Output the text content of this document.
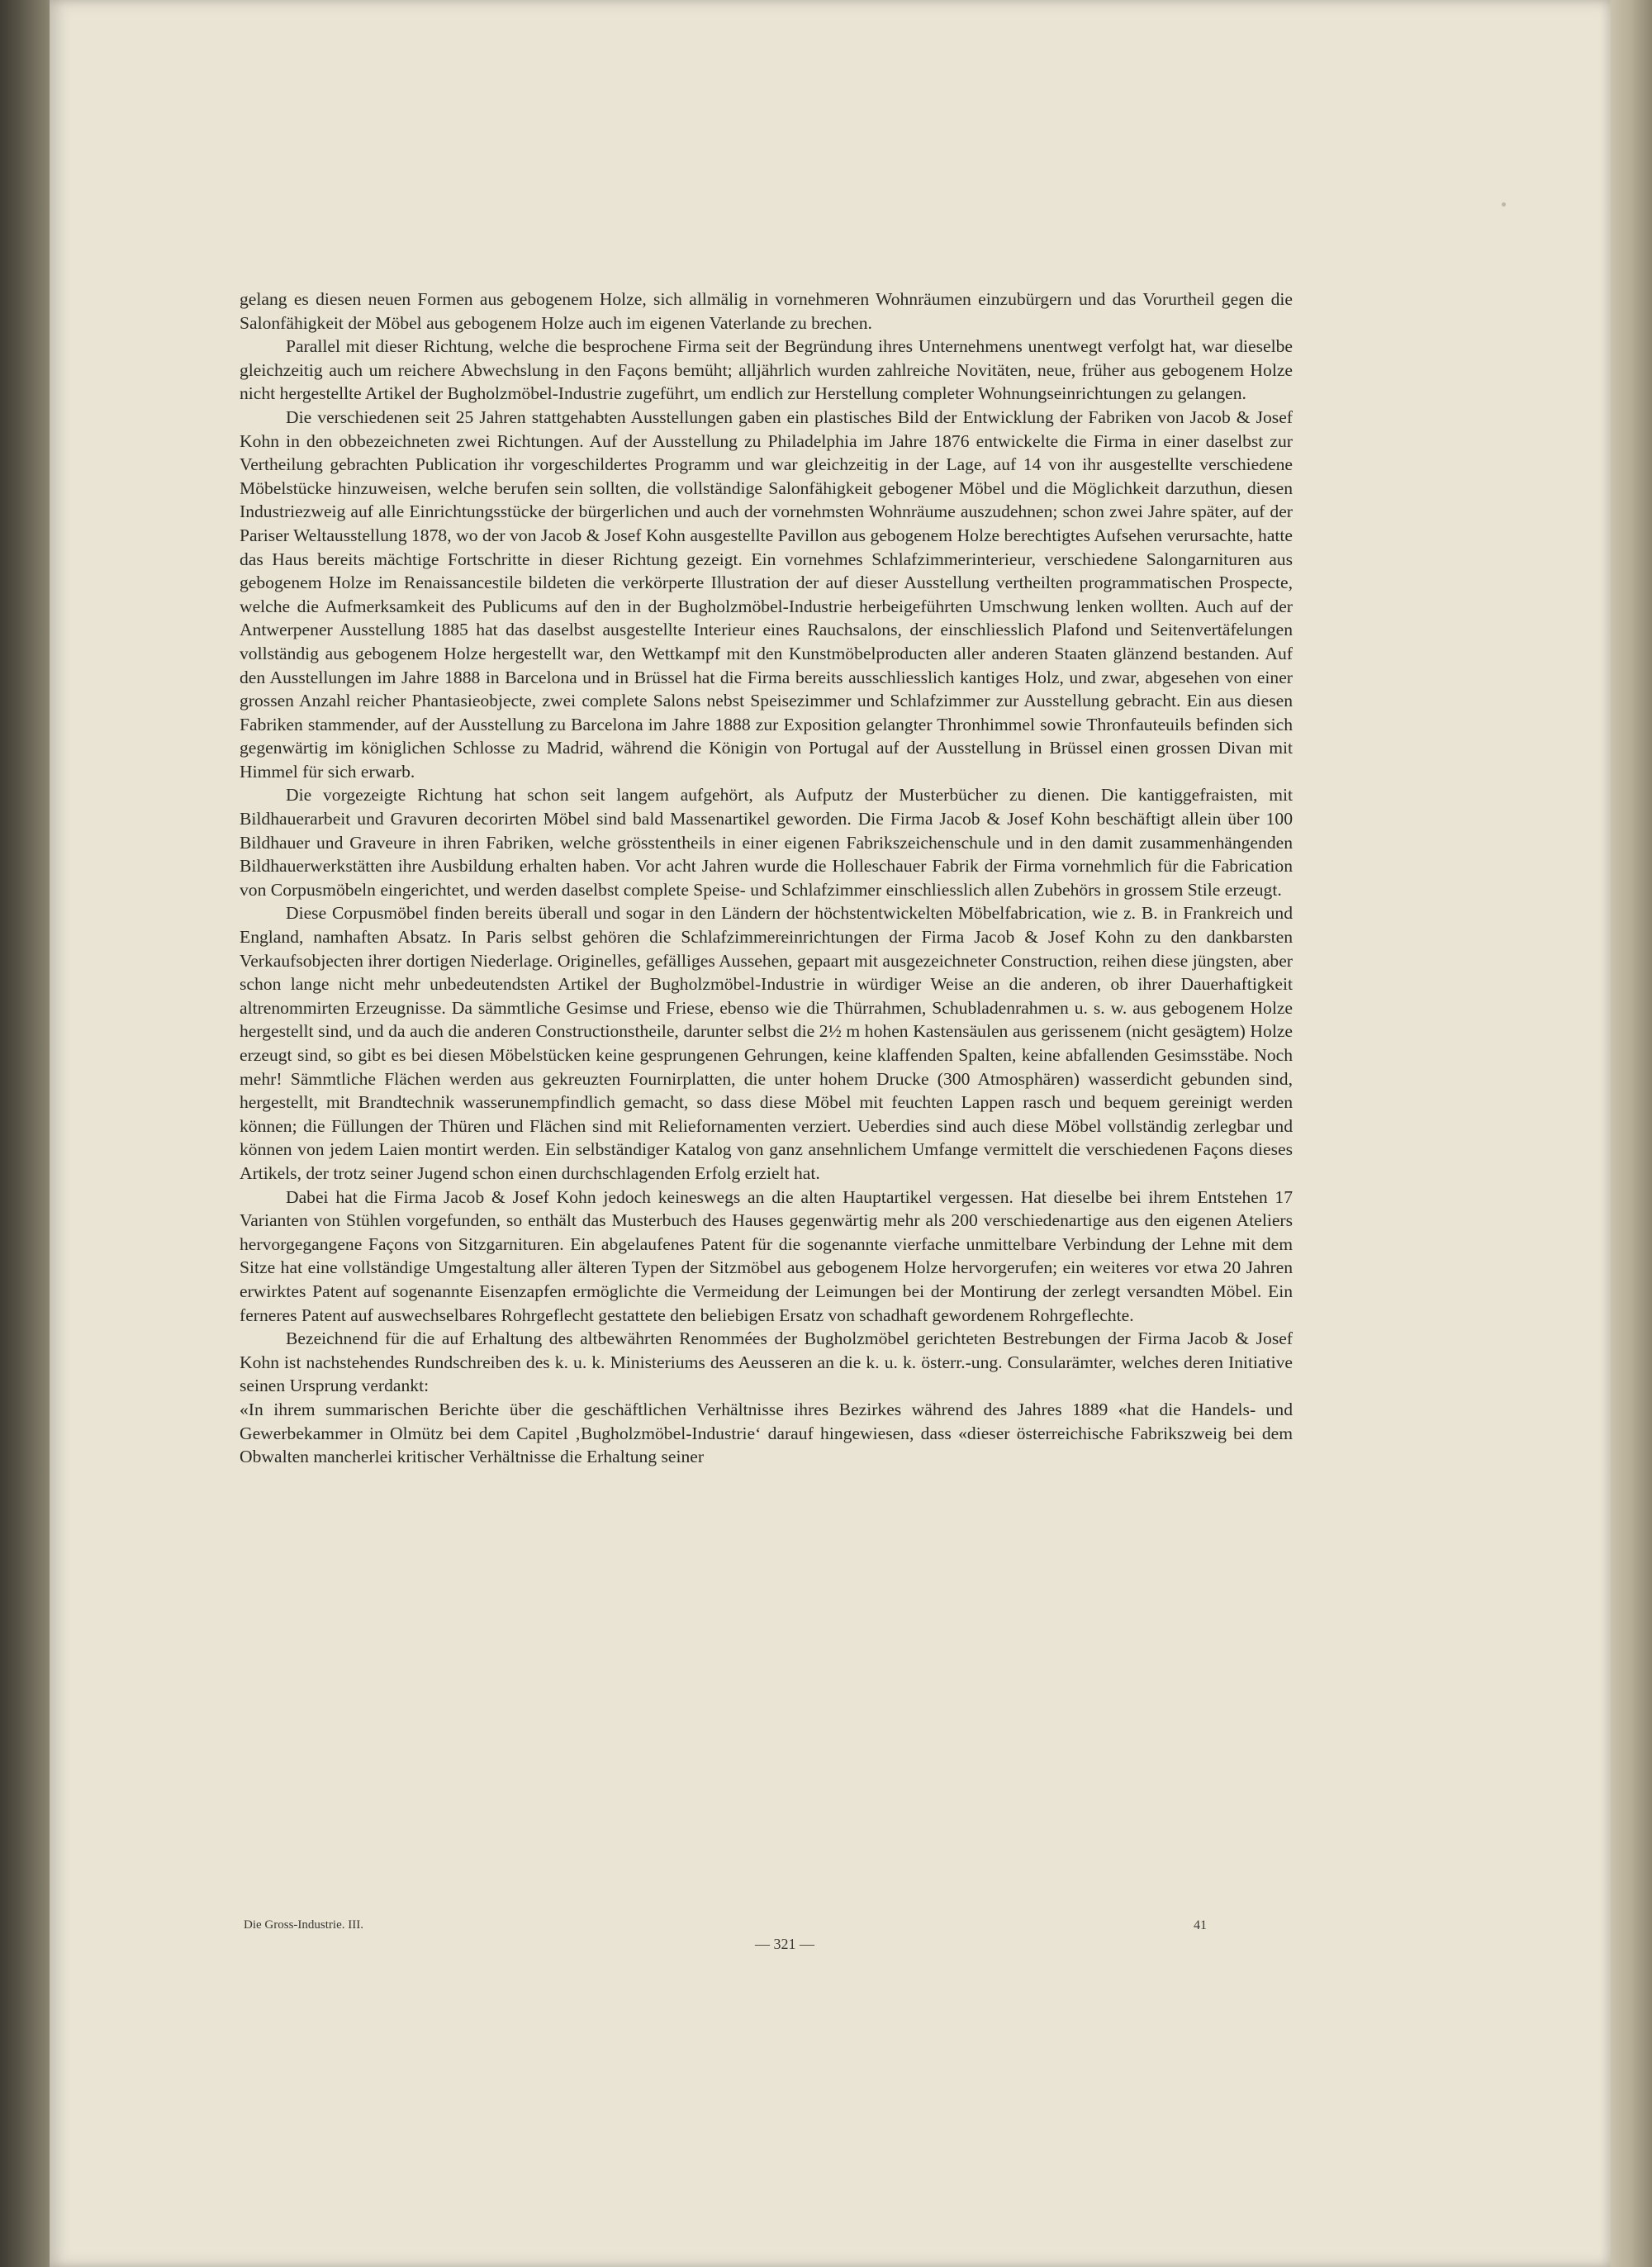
gelang es diesen neuen Formen aus gebogenem Holze, sich allmälig in vornehmeren Wohnräumen einzubürgern und das Vorurtheil gegen die Salonfähigkeit der Möbel aus gebogenem Holze auch im eigenen Vaterlande zu brechen.

Parallel mit dieser Richtung, welche die besprochene Firma seit der Begründung ihres Unternehmens unentwegt verfolgt hat, war dieselbe gleichzeitig auch um reichere Abwechslung in den Façons bemüht; alljährlich wurden zahlreiche Novitäten, neue, früher aus gebogenem Holze nicht hergestellte Artikel der Bugholzmöbel-Industrie zugeführt, um endlich zur Herstellung completer Wohnungseinrichtungen zu gelangen.

Die verschiedenen seit 25 Jahren stattgehabten Ausstellungen gaben ein plastisches Bild der Entwicklung der Fabriken von Jacob & Josef Kohn in den obbezeichneten zwei Richtungen. Auf der Ausstellung zu Philadelphia im Jahre 1876 entwickelte die Firma in einer daselbst zur Vertheilung gebrachten Publication ihr vorgeschildertes Programm und war gleichzeitig in der Lage, auf 14 von ihr ausgestellte verschiedene Möbelstücke hinzuweisen, welche berufen sein sollten, die vollständige Salonfähigkeit gebogener Möbel und die Möglichkeit darzuthun, diesen Industriezweig auf alle Einrichtungsstücke der bürgerlichen und auch der vornehmsten Wohnräume auszudehnen; schon zwei Jahre später, auf der Pariser Weltausstellung 1878, wo der von Jacob & Josef Kohn ausgestellte Pavillon aus gebogenem Holze berechtigtes Aufsehen verursachte, hatte das Haus bereits mächtige Fortschritte in dieser Richtung gezeigt. Ein vornehmes Schlafzimmerinterieur, verschiedene Salongarnituren aus gebogenem Holze im Renaissancestile bildeten die verkörperte Illustration der auf dieser Ausstellung vertheilten programmatischen Prospecte, welche die Aufmerksamkeit des Publicums auf den in der Bugholzmöbel-Industrie herbeigeführten Umschwung lenken wollten. Auch auf der Antwerpener Ausstellung 1885 hat das daselbst ausgestellte Interieur eines Rauchsalons, der einschliesslich Plafond und Seitenvertäfelungen vollständig aus gebogenem Holze hergestellt war, den Wettkampf mit den Kunstmöbelproducten aller anderen Staaten glänzend bestanden. Auf den Ausstellungen im Jahre 1888 in Barcelona und in Brüssel hat die Firma bereits ausschliesslich kantiges Holz, und zwar, abgesehen von einer grossen Anzahl reicher Phantasieobjecte, zwei complete Salons nebst Speisezimmer und Schlafzimmer zur Ausstellung gebracht. Ein aus diesen Fabriken stammender, auf der Ausstellung zu Barcelona im Jahre 1888 zur Exposition gelangter Thronhimmel sowie Thronfauteuils befinden sich gegenwärtig im königlichen Schlosse zu Madrid, während die Königin von Portugal auf der Ausstellung in Brüssel einen grossen Divan mit Himmel für sich erwarb.

Die vorgezeigte Richtung hat schon seit langem aufgehört, als Aufputz der Musterbücher zu dienen. Die kantiggefraisten, mit Bildhauerarbeit und Gravuren decorirten Möbel sind bald Massenartikel geworden. Die Firma Jacob & Josef Kohn beschäftigt allein über 100 Bildhauer und Graveure in ihren Fabriken, welche grösstentheils in einer eigenen Fabrikszeichenschule und in den damit zusammenhängenden Bildhauerwerkstätten ihre Ausbildung erhalten haben. Vor acht Jahren wurde die Holleschauer Fabrik der Firma vornehmlich für die Fabrication von Corpusmöbeln eingerichtet, und werden daselbst complete Speise- und Schlafzimmer einschliesslich allen Zubehörs in grossem Stile erzeugt.

Diese Corpusmöbel finden bereits überall und sogar in den Ländern der höchstentwickelten Möbelfabrication, wie z. B. in Frankreich und England, namhaften Absatz. In Paris selbst gehören die Schlafzimmereinrichtungen der Firma Jacob & Josef Kohn zu den dankbarsten Verkaufsobjecten ihrer dortigen Niederlage. Originelles, gefälliges Aussehen, gepaart mit ausgezeichneter Construction, reihen diese jüngsten, aber schon lange nicht mehr unbedeutendsten Artikel der Bugholzmöbel-Industrie in würdiger Weise an die anderen, ob ihrer Dauerhaftigkeit altrenommirten Erzeugnisse. Da sämmtliche Gesimse und Friese, ebenso wie die Thürrahmen, Schubladenrahmen u. s. w. aus gebogenem Holze hergestellt sind, und da auch die anderen Constructionstheile, darunter selbst die 2½ m hohen Kastensäulen aus gerissenem (nicht gesägtem) Holze erzeugt sind, so gibt es bei diesen Möbelstücken keine gesprungenen Gehrungen, keine klaffenden Spalten, keine abfallenden Gesimsstäbe. Noch mehr! Sämmtliche Flächen werden aus gekreuzten Fournirplatten, die unter hohem Drucke (300 Atmosphären) wasserdicht gebunden sind, hergestellt, mit Brandtechnik wasserunempfindlich gemacht, so dass diese Möbel mit feuchten Lappen rasch und bequem gereinigt werden können; die Füllungen der Thüren und Flächen sind mit Reliefornamenten verziert. Ueberdies sind auch diese Möbel vollständig zerlegbar und können von jedem Laien montirt werden. Ein selbständiger Katalog von ganz ansehnlichem Umfange vermittelt die verschiedenen Façons dieses Artikels, der trotz seiner Jugend schon einen durchschlagenden Erfolg erzielt hat.

Dabei hat die Firma Jacob & Josef Kohn jedoch keineswegs an die alten Hauptartikel vergessen. Hat dieselbe bei ihrem Entstehen 17 Varianten von Stühlen vorgefunden, so enthält das Musterbuch des Hauses gegenwärtig mehr als 200 verschiedenartige aus den eigenen Ateliers hervorgegangene Façons von Sitzgarnituren. Ein abgelaufenes Patent für die sogenannte vierfache unmittelbare Verbindung der Lehne mit dem Sitze hat eine vollständige Umgestaltung aller älteren Typen der Sitzmöbel aus gebogenem Holze hervorgerufen; ein weiteres vor etwa 20 Jahren erwirktes Patent auf sogenannte Eisenzapfen ermöglichte die Vermeidung der Leimungen bei der Montirung der zerlegt versandten Möbel. Ein ferneres Patent auf auswechselbares Rohrgeflecht gestattete den beliebigen Ersatz von schadhaft gewordenem Rohrgeflechte.

Bezeichnend für die auf Erhaltung des altbewährten Renommées der Bugholzmöbel gerichteten Bestrebungen der Firma Jacob & Josef Kohn ist nachstehendes Rundschreiben des k. u. k. Ministeriums des Aeusseren an die k. u. k. österr.-ung. Consularämter, welches deren Initiative seinen Ursprung verdankt:

«In ihrem summarischen Berichte über die geschäftlichen Verhältnisse ihres Bezirkes während des Jahres 1889 «hat die Handels- und Gewerbekammer in Olmütz bei dem Capitel ‚Bugholzmöbel-Industrie‘ darauf hingewiesen, dass «dieser österreichische Fabrikszweig bei dem Obwalten mancherlei kritischer Verhältnisse die Erhaltung seiner

Die Gross-Industrie. III.	41
— 321 —
